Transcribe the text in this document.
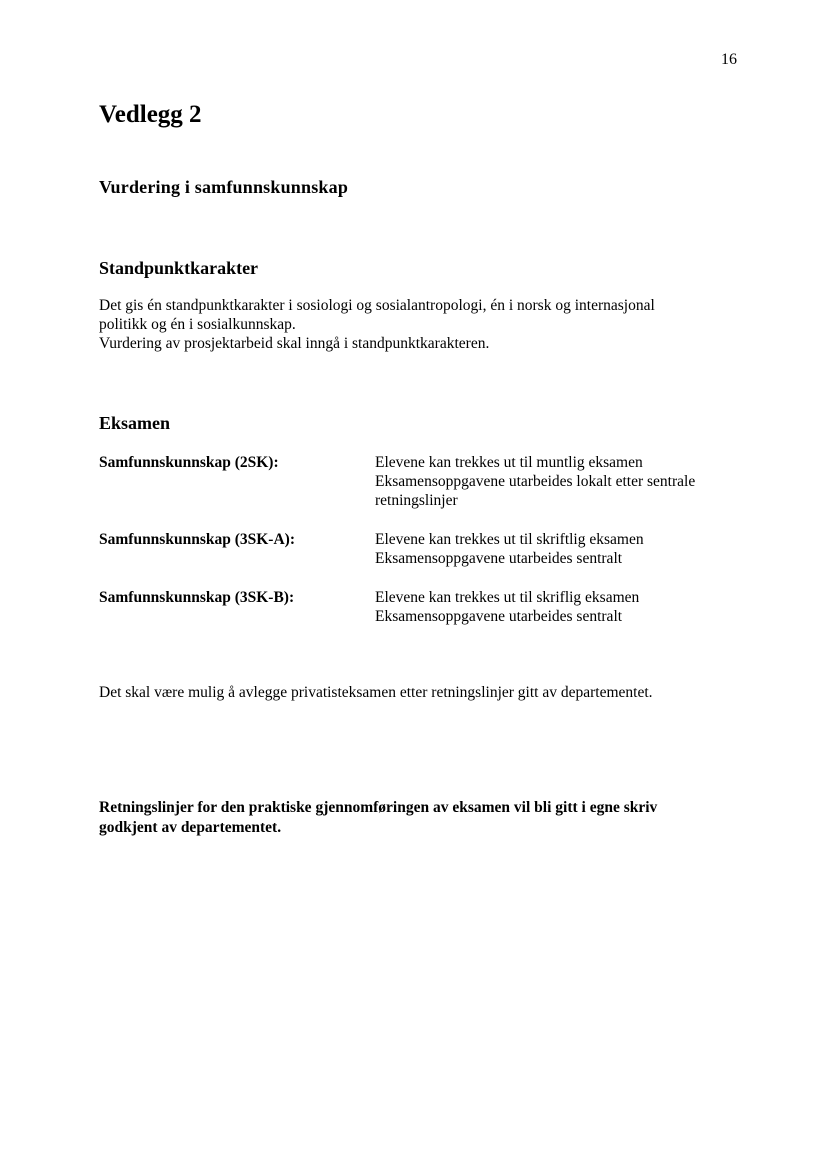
16
Vedlegg 2
Vurdering i samfunnskunnskap
Standpunktkarakter
Det gis én standpunktkarakter i sosiologi og sosialantropologi, én i norsk og internasjonal
politikk og én i sosialkunnskap.
Vurdering av prosjektarbeid skal inngå i standpunktkarakteren.
Eksamen
Samfunnskunnskap (2SK):	Elevene kan trekkes ut til muntlig eksamen
Eksamensoppgavene utarbeides lokalt etter sentrale
retningslinjer
Samfunnskunnskap (3SK-A):	Elevene kan trekkes ut til skriftlig eksamen
Eksamensoppgavene utarbeides sentralt
Samfunnskunnskap (3SK-B):	Elevene kan trekkes ut til skriflig eksamen
Eksamensoppgavene utarbeides sentralt
Det skal være mulig å avlegge privatisteksamen etter retningslinjer gitt av departementet.
Retningslinjer for den praktiske gjennomføringen av eksamen vil bli gitt i egne skriv
godkjent av departementet.
